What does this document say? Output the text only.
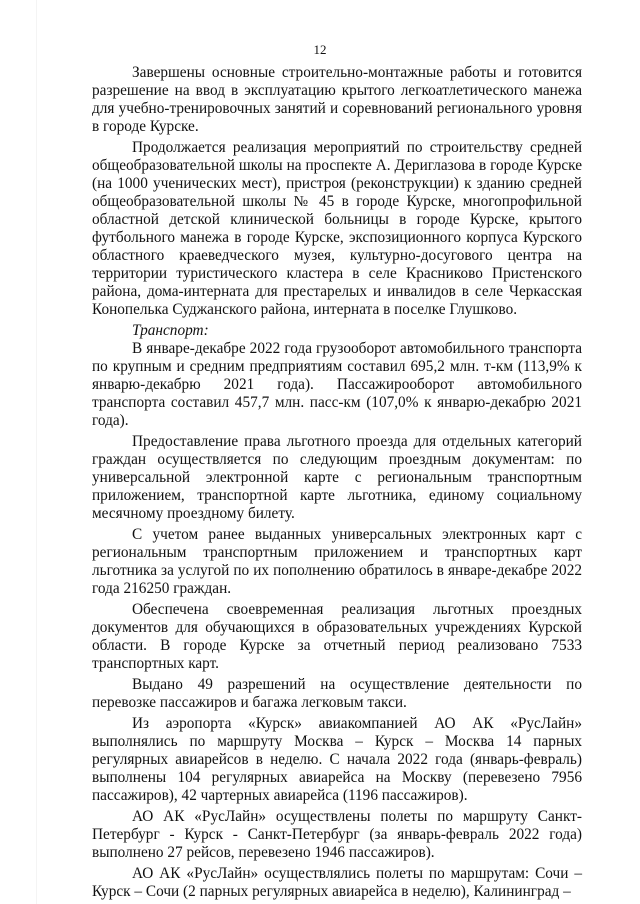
12

Завершены основные строительно-монтажные работы и готовится разрешение на ввод в эксплуатацию крытого легкоатлетического манежа для учебно-тренировочных занятий и соревнований регионального уровня в городе Курске.

Продолжается реализация мероприятий по строительству средней общеобразовательной школы на проспекте А. Дериглазова в городе Курске (на 1000 ученических мест), пристроя (реконструкции) к зданию средней общеобразовательной школы № 45 в городе Курске, многопрофильной областной детской клинической больницы в городе Курске, крытого футбольного манежа в городе Курске, экспозиционного корпуса Курского областного краеведческого музея, культурно-досугового центра на территории туристического кластера в селе Красниково Пристенского района, дома-интерната для престарелых и инвалидов в селе Черкасская Конопелька Суджанского района, интерната в поселке Глушково.

Транспорт:

В январе-декабре 2022 года грузооборот автомобильного транспорта по крупным и средним предприятиям составил 695,2 млн. т-км (113,9% к январю-декабрю 2021 года). Пассажирооборот автомобильного транспорта составил 457,7 млн. пасс-км (107,0% к январю-декабрю 2021 года).

Предоставление права льготного проезда для отдельных категорий граждан осуществляется по следующим проездным документам: по универсальной электронной карте с региональным транспортным приложением, транспортной карте льготника, единому социальному месячному проездному билету.

С учетом ранее выданных универсальных электронных карт с региональным транспортным приложением и транспортных карт льготника за услугой по их пополнению обратилось в январе-декабре 2022 года 216250 граждан.

Обеспечена своевременная реализация льготных проездных документов для обучающихся в образовательных учреждениях Курской области. В городе Курске за отчетный период реализовано 7533 транспортных карт.

Выдано 49 разрешений на осуществление деятельности по перевозке пассажиров и багажа легковым такси.

Из аэропорта «Курск» авиакомпанией АО АК «РусЛайн» выполнялись по маршруту Москва – Курск – Москва 14 парных регулярных авиарейсов в неделю. С начала 2022 года (январь-февраль) выполнены 104 регулярных авиарейса на Москву (перевезено 7956 пассажиров), 42 чартерных авиарейса (1196 пассажиров).

АО АК «РусЛайн» осуществлены полеты по маршруту Санкт-Петербург - Курск - Санкт-Петербург (за январь-февраль 2022 года) выполнено 27 рейсов, перевезено 1946 пассажиров).

АО АК «РусЛайн» осуществлялись полеты по маршрутам: Сочи – Курск – Сочи (2 парных регулярных авиарейса в неделю), Калининград –
